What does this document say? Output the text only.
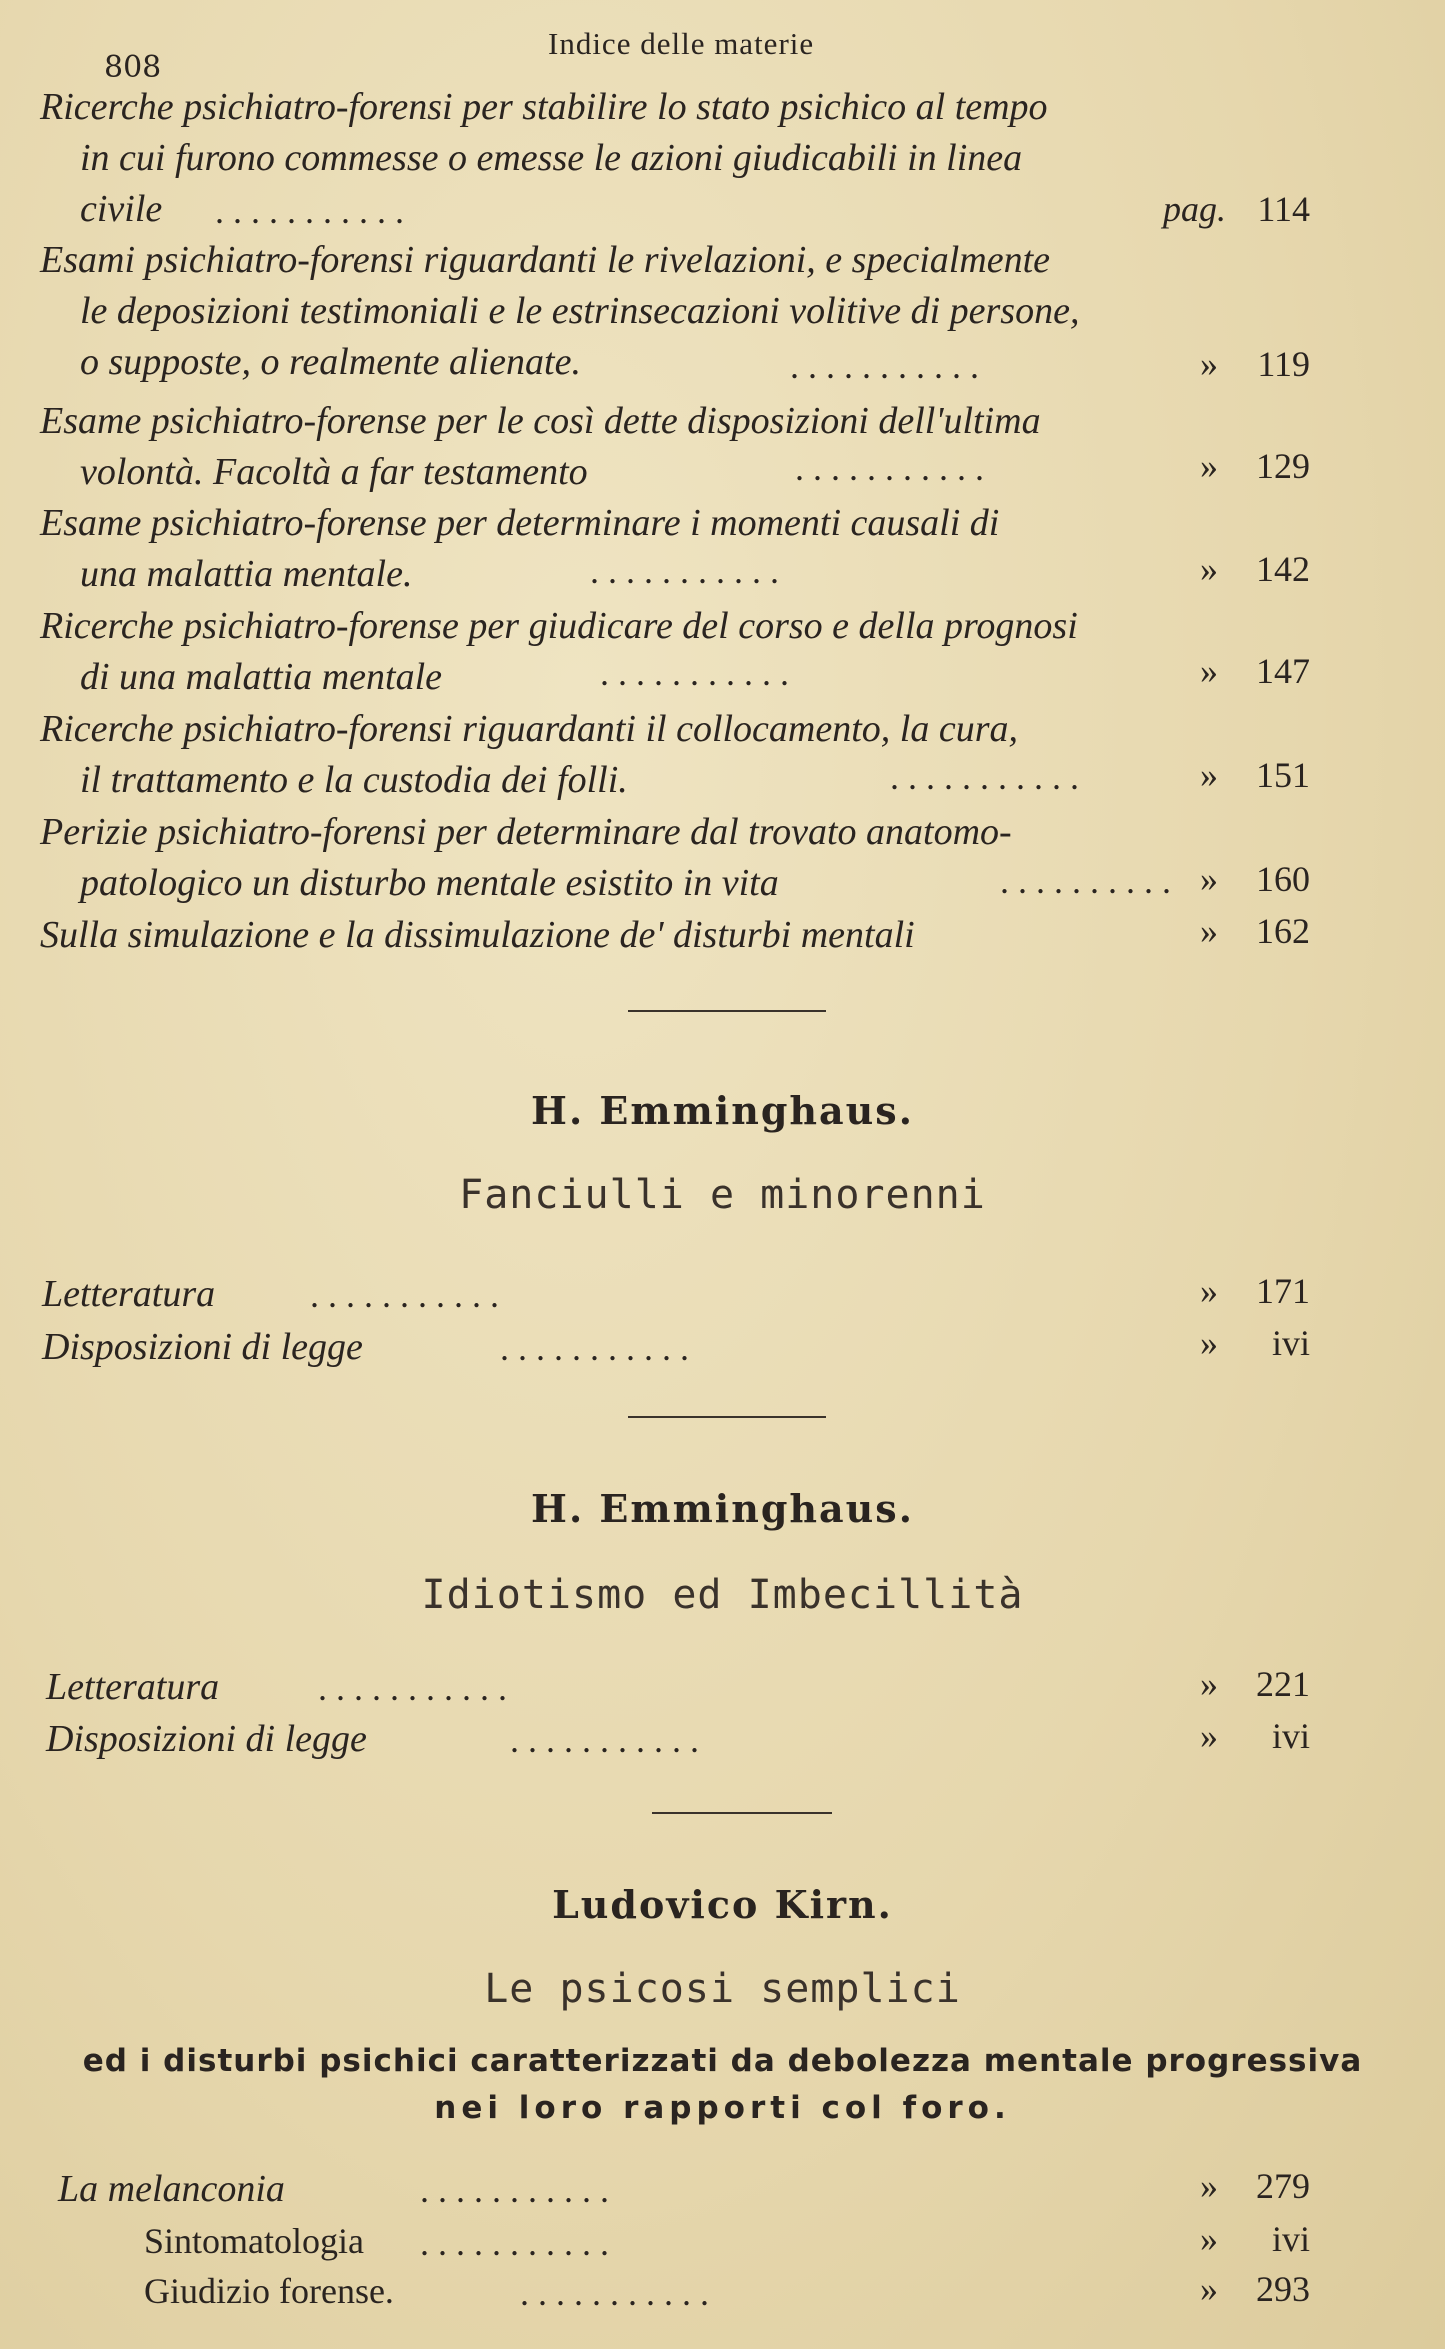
808
Indice delle materie
Ricerche psichiatro-forensi per stabilire lo stato psichico al tempo
in cui furono commesse o emesse le azioni giudicabili in linea
civile	. . . . . . . . . . .	pag. 114
Esami psichiatro-forensi riguardanti le rivelazioni, e specialmente
le deposizioni testimoniali e le estrinsecazioni volitive di persone,
o supposte, o realmente alienate.	. . . . . . . . . . .	» 119
Esame psichiatro-forense per le così dette disposizioni dell'ultima
volontà. Facoltà a far testamento	. . . . . . . . . . .	» 129
Esame psichiatro-forense per determinare i momenti causali di
una malattia mentale.	. . . . . . . . . . .	» 142
Ricerche psichiatro-forense per giudicare del corso e della prognosi
di una malattia mentale	. . . . . . . . . . .	» 147
Ricerche psichiatro-forensi riguardanti il collocamento, la cura,
il trattamento e la custodia dei folli.	. . . . . . . . . . .	» 151
Perizie psichiatro-forensi per determinare dal trovato anatomo-
patologico un disturbo mentale esistito in vita	. . . . . . . . . . » 160
Sulla simulazione e la dissimulazione de' disturbi mentali	» 162
H. Emminghaus.
Fanciulli e minorenni
Letteratura	. . . . . . . . . . .	» 171
Disposizioni di legge	. . . . . . . . . . .	» ivi
H. Emminghaus.
Idiotismo ed Imbecillità
Letteratura	. . . . . . . . . . .	» 221
Disposizioni di legge	. . . . . . . . . . .	» ivi
Ludovico Kirn.
Le psicosi semplici
ed i disturbi psichici caratterizzati da debolezza mentale progressiva
nei loro rapporti col foro.
La melanconia	. . . . . . . . . . .	» 279
Sintomatologia . . . . . . . . . . .	» ivi
Giudizio forense.	. . . . . . . . . . .	» 293
